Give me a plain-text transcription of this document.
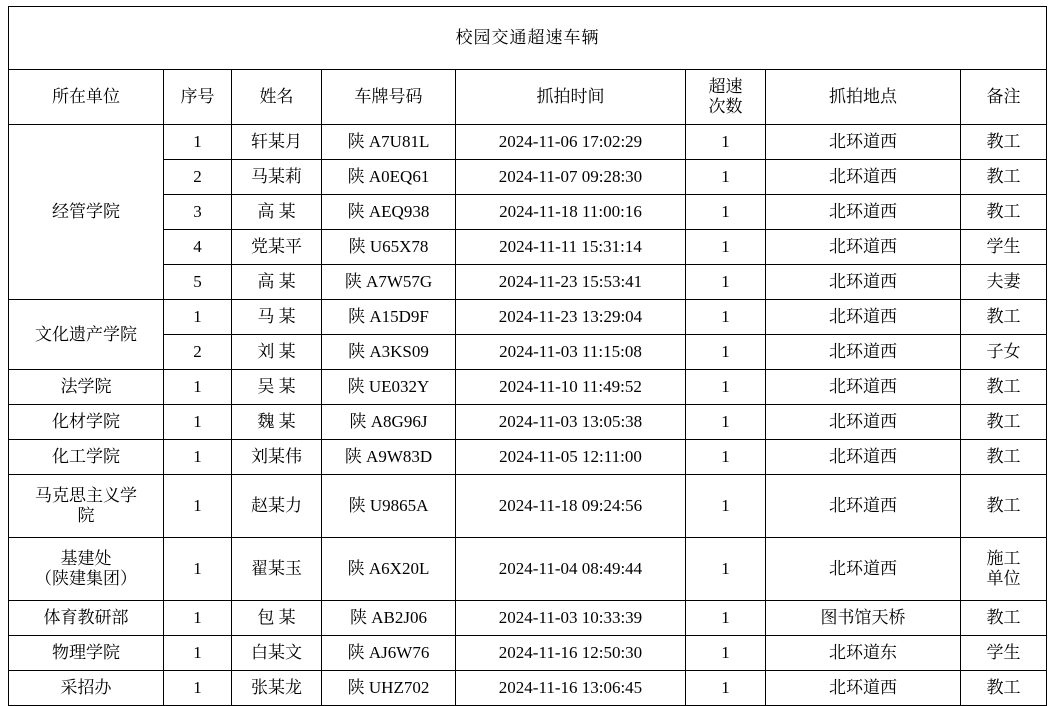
校园交通超速车辆							
所在单位	序号	姓名	车牌号码	抓拍时间	超速
次数	抓拍地点	备注
经管学院	1	轩某月	陕 A7U81L	2024-11-06 17:02:29	1	北环道西	教工
	2	马某莉	陕 A0EQ61	2024-11-07 09:28:30	1	北环道西	教工
	3	高 某	陕 AEQ938	2024-11-18 11:00:16	1	北环道西	教工
	4	党某平	陕 U65X78	2024-11-11 15:31:14	1	北环道西	学生
	5	高 某	陕 A7W57G	2024-11-23 15:53:41	1	北环道西	夫妻
文化遗产学院	1	马 某	陕 A15D9F	2024-11-23 13:29:04	1	北环道西	教工
	2	刘 某	陕 A3KS09	2024-11-03 11:15:08	1	北环道西	子女
法学院	1	吴 某	陕 UE032Y	2024-11-10 11:49:52	1	北环道西	教工
化材学院	1	魏 某	陕 A8G96J	2024-11-03 13:05:38	1	北环道西	教工
化工学院	1	刘某伟	陕 A9W83D	2024-11-05 12:11:00	1	北环道西	教工
马克思主义学
院	1	赵某力	陕 U9865A	2024-11-18 09:24:56	1	北环道西	教工
基建处
（陕建集团）	1	翟某玉	陕 A6X20L	2024-11-04 08:49:44	1	北环道西	施工
单位
体育教研部	1	包 某	陕 AB2J06	2024-11-03 10:33:39	1	图书馆天桥	教工
物理学院	1	白某文	陕 AJ6W76	2024-11-16 12:50:30	1	北环道东	学生
采招办	1	张某龙	陕 UHZ702	2024-11-16 13:06:45	1	北环道西	教工
